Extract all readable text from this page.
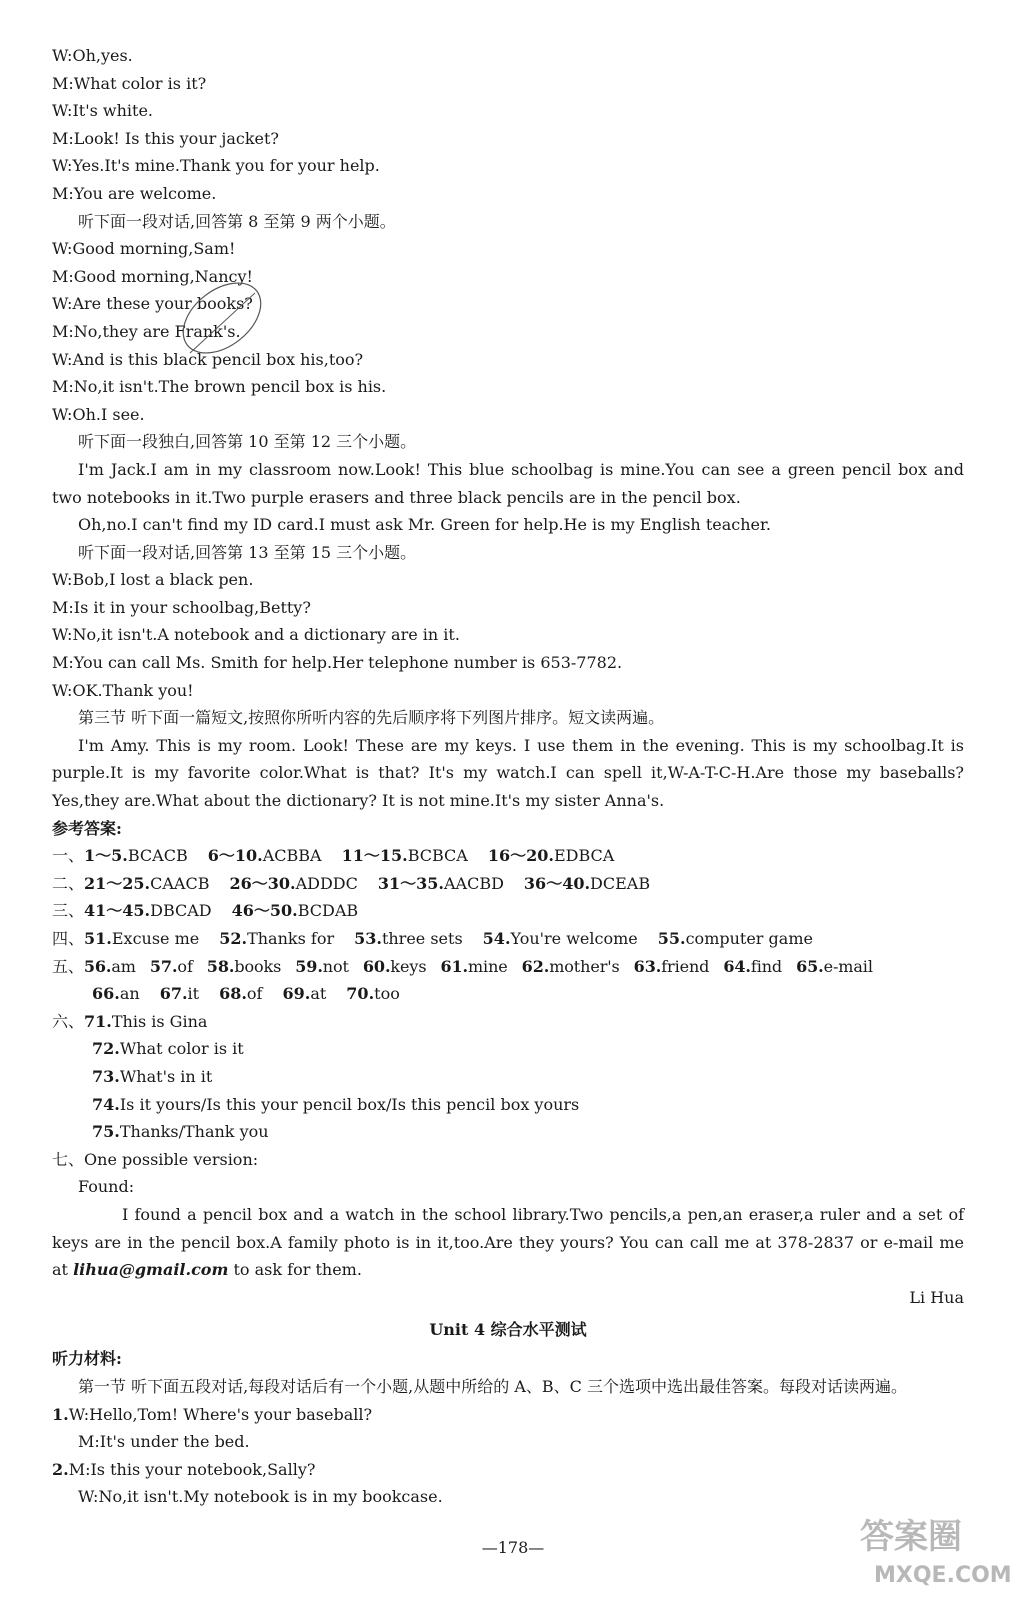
W:Oh,yes.
M:What color is it?
W:It's white.
M:Look! Is this your jacket?
W:Yes.It's mine.Thank you for your help.
M:You are welcome.
听下面一段对话,回答第 8 至第 9 两个小题。
W:Good morning,Sam!
M:Good morning,Nancy!
W:Are these your books?
M:No,they are Frank's.
W:And is this black pencil box his,too?
M:No,it isn't.The brown pencil box is his.
W:Oh.I see.
听下面一段独白,回答第 10 至第 12 三个小题。
I'm Jack.I am in my classroom now.Look! This blue schoolbag is mine.You can see a green pencil box and two notebooks in it.Two purple erasers and three black pencils are in the pencil box.
Oh,no.I can't find my ID card.I must ask Mr. Green for help.He is my English teacher.
听下面一段对话,回答第 13 至第 15 三个小题。
W:Bob,I lost a black pen.
M:Is it in your schoolbag,Betty?
W:No,it isn't.A notebook and a dictionary are in it.
M:You can call Ms. Smith for help.Her telephone number is 653-7782.
W:OK.Thank you!
第三节 听下面一篇短文,按照你所听内容的先后顺序将下列图片排序。短文读两遍。
I'm Amy. This is my room. Look! These are my keys. I use them in the evening. This is my schoolbag.It is purple.It is my favorite color.What is that? It's my watch.I can spell it,W-A-T-C-H.Are those my baseballs? Yes,they are.What about the dictionary? It is not mine.It's my sister Anna's.
参考答案:
一、1～5.BCACB 6～10.ACBBA 11～15.BCBCA 16～20.EDBCA
二、21～25.CAACB 26～30.ADDDC 31～35.AACBD 36～40.DCEAB
三、41～45.DBCAD 46～50.BCDAB
四、51.Excuse me 52.Thanks for 53.three sets 54.You're welcome 55.computer game
五、56.am 57.of 58.books 59.not 60.keys 61.mine 62.mother's 63.friend 64.find 65.e-mail
66.an 67.it 68.of 69.at 70.too
六、71.This is Gina
72.What color is it
73.What's in it
74.Is it yours/Is this your pencil box/Is this pencil box yours
75.Thanks/Thank you
七、One possible version:
Found:
I found a pencil box and a watch in the school library.Two pencils,a pen,an eraser,a ruler and a set of keys are in the pencil box.A family photo is in it,too.Are they yours? You can call me at 378-2837 or e-mail me at lihua@gmail.com to ask for them.
Li Hua
Unit 4 综合水平测试
听力材料:
第一节 听下面五段对话,每段对话后有一个小题,从题中所给的 A、B、C 三个选项中选出最佳答案。每段对话读两遍。
1.W:Hello,Tom! Where's your baseball?
M:It's under the bed.
2.M:Is this your notebook,Sally?
W:No,it isn't.My notebook is in my bookcase.
答案圈
MXQE.COM
—178—
